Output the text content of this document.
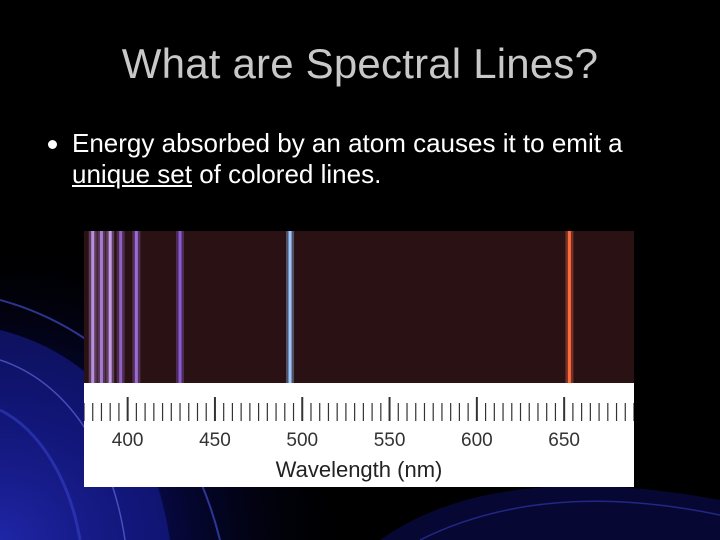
What are Spectral Lines?
Energy absorbed by an atom causes it to emit a unique set of colored lines.
400	450	500	550	600	650
Wavelength (nm)
